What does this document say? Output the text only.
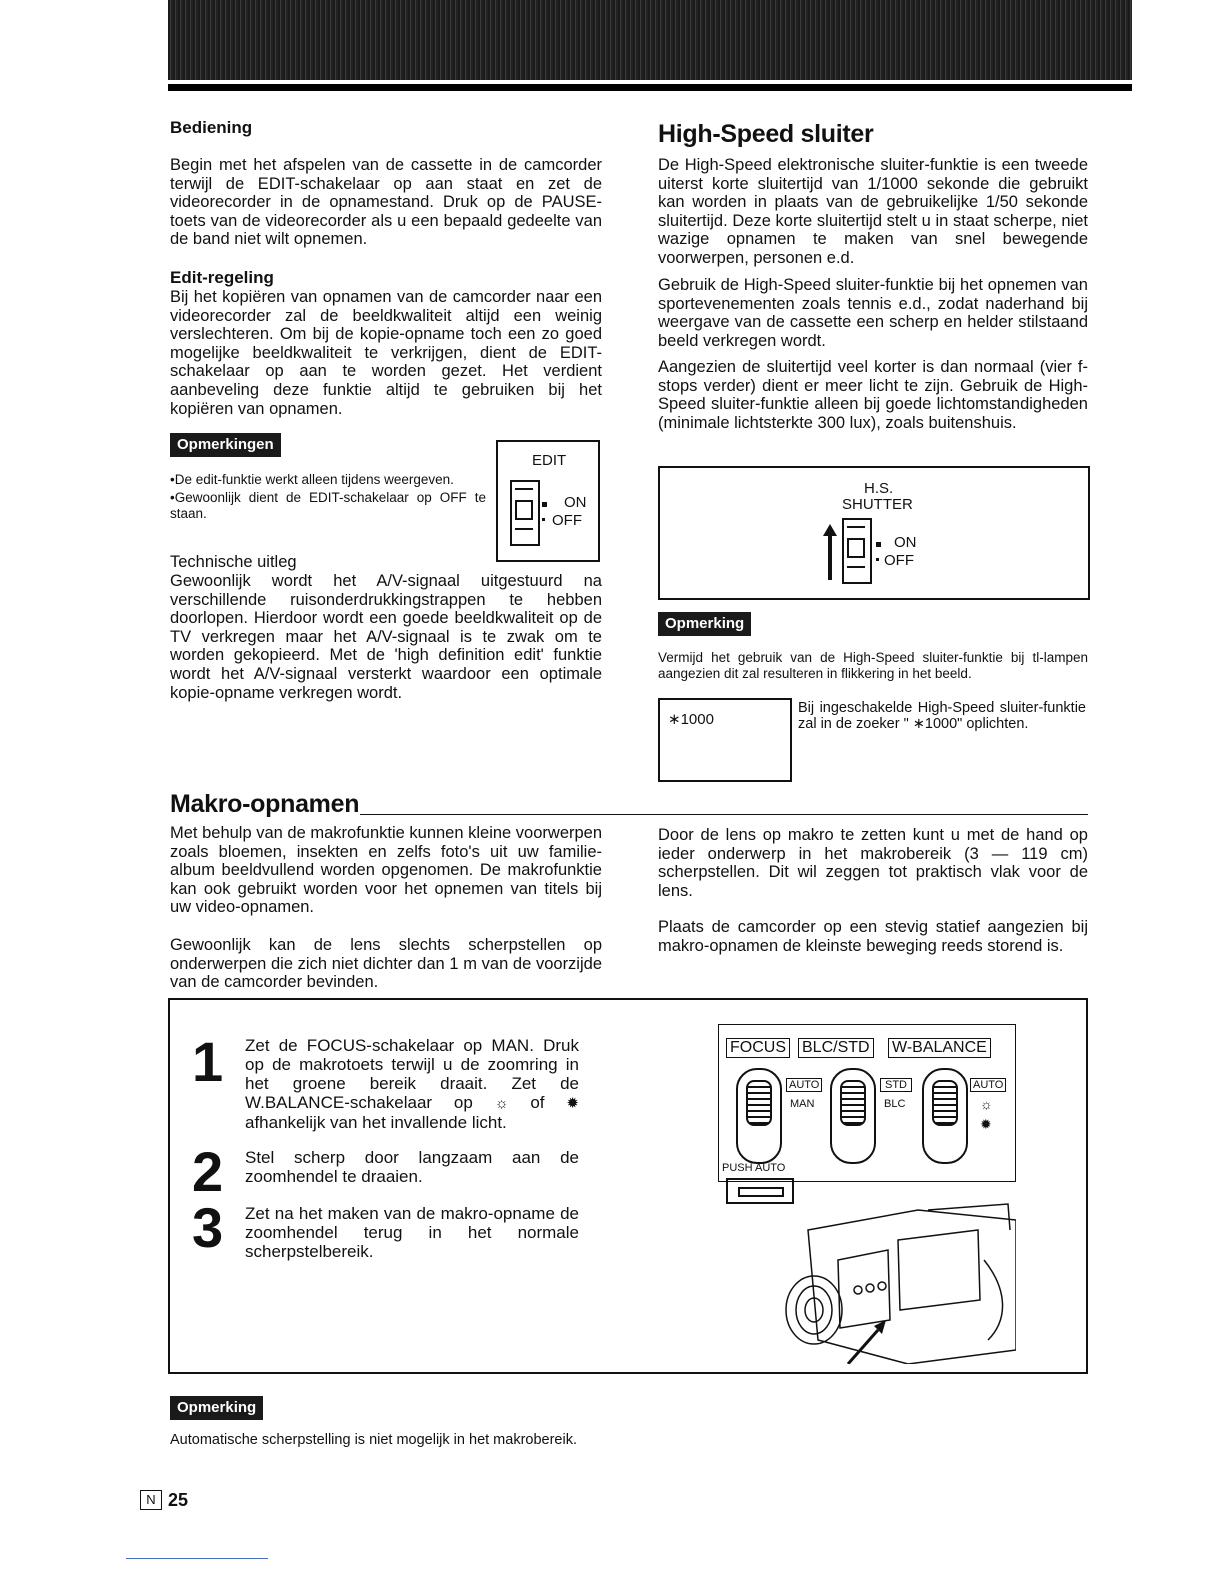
Bediening
Begin met het afspelen van de cassette in de camcorder terwijl de EDIT-schakelaar op aan staat en zet de videorecorder in de opnamestand. Druk op de PAUSE-toets van de videorecorder als u een bepaald gedeelte van de band niet wilt opnemen.
Edit-regeling
Bij het kopiëren van opnamen van de camcorder naar een videorecorder zal de beeldkwaliteit altijd een weinig verslechteren. Om bij de kopie-opname toch een zo goed mogelijke beeldkwaliteit te verkrijgen, dient de EDIT-schakelaar op aan te worden gezet. Het verdient aanbeveling deze funktie altijd te gebruiken bij het kopiëren van opnamen.
Opmerkingen
•De edit-funktie werkt alleen tijdens weergeven.
•Gewoonlijk dient de EDIT-schakelaar op OFF te staan.
EDIT
ON
OFF
Technische uitleg
Gewoonlijk wordt het A/V-signaal uitgestuurd na verschillende ruisonderdrukkingstrappen te hebben doorlopen. Hierdoor wordt een goede beeldkwaliteit op de TV verkregen maar het A/V-signaal is te zwak om te worden gekopieerd. Met de 'high definition edit' funktie wordt het A/V-signaal versterkt waardoor een optimale kopie-opname verkregen wordt.
High-Speed sluiter
De High-Speed elektronische sluiter-funktie is een tweede uiterst korte sluitertijd van 1/1000 sekonde die gebruikt kan worden in plaats van de gebruikelijke 1/50 sekonde sluitertijd. Deze korte sluitertijd stelt u in staat scherpe, niet wazige opnamen te maken van snel bewegende voorwerpen, personen e.d.
Gebruik de High-Speed sluiter-funktie bij het opnemen van sportevenementen zoals tennis e.d., zodat naderhand bij weergave van de cassette een scherp en helder stilstaand beeld verkregen wordt.
Aangezien de sluitertijd veel korter is dan normaal (vier f-stops verder) dient er meer licht te zijn. Gebruik de High-Speed sluiter-funktie alleen bij goede lichtomstandigheden (minimale lichtsterkte 300 lux), zoals buitenshuis.
H.S.
SHUTTER
ON
OFF
Opmerking
Vermijd het gebruik van de High-Speed sluiter-funktie bij tl-lampen aangezien dit zal resulteren in flikkering in het beeld.
∗1000
Bij ingeschakelde High-Speed sluiter-funktie zal in de zoeker " ∗1000" oplichten.
Makro-opnamen
Met behulp van de makrofunktie kunnen kleine voorwerpen zoals bloemen, insekten en zelfs foto's uit uw familie-album beeldvullend worden opgenomen. De makrofunktie kan ook gebruikt worden voor het opnemen van titels bij uw video-opnamen.
Gewoonlijk kan de lens slechts scherpstellen op onderwerpen die zich niet dichter dan 1 m van de voorzijde van de camcorder bevinden.
Door de lens op makro te zetten kunt u met de hand op ieder onderwerp in het makrobereik (3 — 119 cm) scherpstellen. Dit wil zeggen tot praktisch vlak voor de lens.
Plaats de camcorder op een stevig statief aangezien bij makro-opnamen de kleinste beweging reeds storend is.
1 Zet de FOCUS-schakelaar op MAN. Druk op de makrotoets terwijl u de zoomring in het groene bereik draait. Zet de W.BALANCE-schakelaar op ☼ of ✹ afhankelijk van het invallende licht.
2 Stel scherp door langzaam aan de zoomhendel te draaien.
3 Zet na het maken van de makro-opname de zoomhendel terug in het normale scherpstelbereik.
FOCUS BLC/STD W-BALANCE
AUTO
MAN
STD
BLC
AUTO
☼
✹
PUSH AUTO
Opmerking
Automatische scherpstelling is niet mogelijk in het makrobereik.
N 25
